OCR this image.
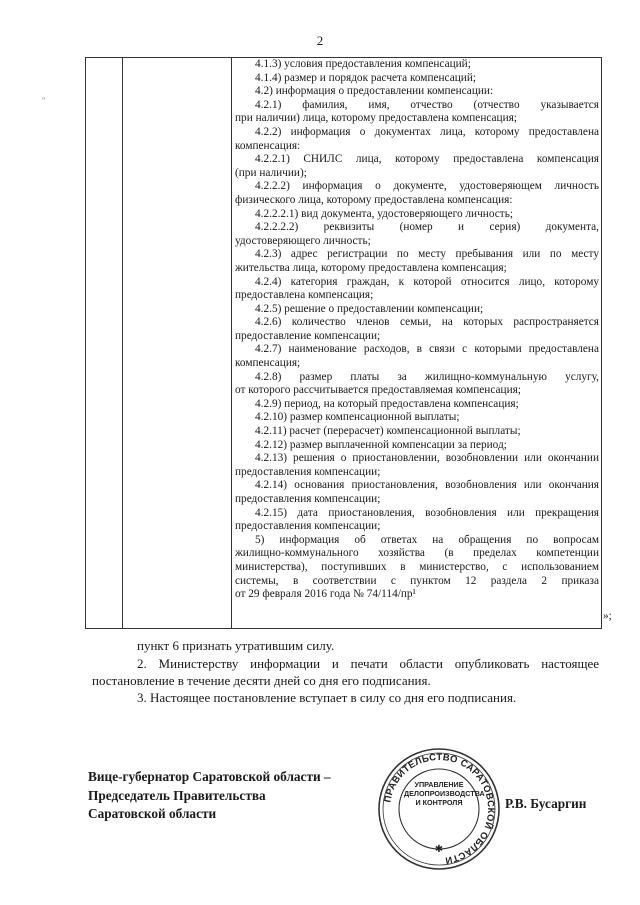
2
"

4.1.3) условия предоставления компенсаций;

4.1.4) размер и порядок расчета компенсаций;

4.2) информация о предоставлении компенсации:

4.2.1) фамилия, имя, отчество (отчество указывается

при наличии) лица, которому предоставлена компенсация;

4.2.2) информация о документах лица, которому предоставлена

компенсация:

4.2.2.1) СНИЛС лица, которому предоставлена компенсация

(при наличии);

4.2.2.2) информация о документе, удостоверяющем личность

физического лица, которому предоставлена компенсация:

4.2.2.2.1) вид документа, удостоверяющего личность;

4.2.2.2.2) реквизиты (номер и серия) документа,

удостоверяющего личность;

4.2.3) адрес регистрации по месту пребывания или по месту

жительства лица, которому предоставлена компенсация;

4.2.4) категория граждан, к которой относится лицо, которому

предоставлена компенсация;

4.2.5) решение о предоставлении компенсации;

4.2.6) количество членов семьи, на которых распространяется

предоставление компенсации;

4.2.7) наименование расходов, в связи с которыми предоставлена

компенсация;

4.2.8) размер платы за жилищно-коммунальную услугу,

от которого рассчитывается предоставляемая компенсация;

4.2.9) период, на который предоставлена компенсация;

4.2.10) размер компенсационной выплаты;

4.2.11) расчет (перерасчет) компенсационной выплаты;

4.2.12) размер выплаченной компенсации за период;

4.2.13) решения о приостановлении, возобновлении или окончании

предоставления компенсации;

4.2.14) основания приостановления, возобновления или окончания

предоставления компенсации;

4.2.15) дата приостановления, возобновления или прекращения

предоставления компенсации;

5) информация об ответах на обращения по вопросам

жилищно-коммунального хозяйства (в пределах компетенции

министерства), поступивших в министерство, с использованием

системы, в соответствии с пунктом 12 раздела 2 приказа

от 29 февраля 2016 года № 74/114/пр¹

»;

пункт 6 признать утратившим силу.

2. Министерству информации и печати области опубликовать настоящее

постановление в течение десяти дней со дня его подписания.

3. Настоящее постановление вступает в силу со дня его подписания.

Вице-губернатор Саратовской области –
Председатель Правительства
Саратовской области
ПРАВИТЕЛЬСТВО САРАТОВСКОЙ ОБЛАСТИ
✱
УПРАВЛЕНИЕ
ДЕЛОПРОИЗВОДСТВА
И КОНТРОЛЯ	Р.В. Бусаргин
